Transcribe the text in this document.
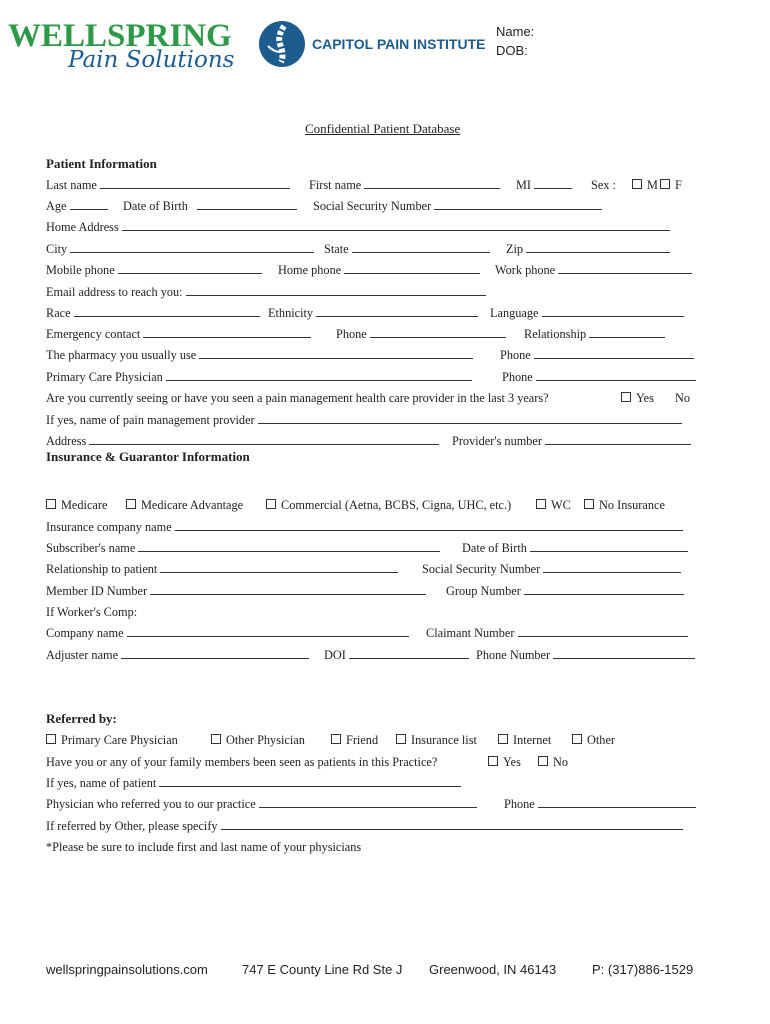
WELLSPRING
Pain Solutions
CAPITOL PAIN INSTITUTE
Name:
DOB:
Confidential Patient Database
Patient Information
Last name	First name	MI	Sex :	M F
Age	Date of Birth	Social Security Number
Home Address
City	State	Zip
Mobile phone	Home phone	Work phone
Email address to reach you:
Race	Ethnicity	Language
Emergency contact	Phone	Relationship
The pharmacy you usually use	Phone
Primary Care Physician	Phone
Are you currently seeing or have you seen a pain management health care provider in the last 3 years?	Yes	No
If yes, name of pain management provider
Address	Provider's number
Insurance & Guarantor Information
Medicare	Medicare Advantage	Commercial (Aetna, BCBS, Cigna, UHC, etc.)	WC	No Insurance
Insurance company name
Subscriber's name	Date of Birth
Relationship to patient	Social Security Number
Member ID Number	Group Number
If Worker's Comp:
Company name	Claimant Number
Adjuster name	DOI	Phone Number
Referred by:
Primary Care Physician	Other Physician	Friend	Insurance list	Internet	Other
Have you or any of your family members been seen as patients in this Practice?	Yes	No
If yes, name of patient
Physician who referred you to our practice	Phone
If referred by Other, please specify
*Please be sure to include first and last name of your physicians
wellspringpainsolutions.com	747 E County Line Rd Ste J Greenwood, IN 46143	P: (317)886-1529
